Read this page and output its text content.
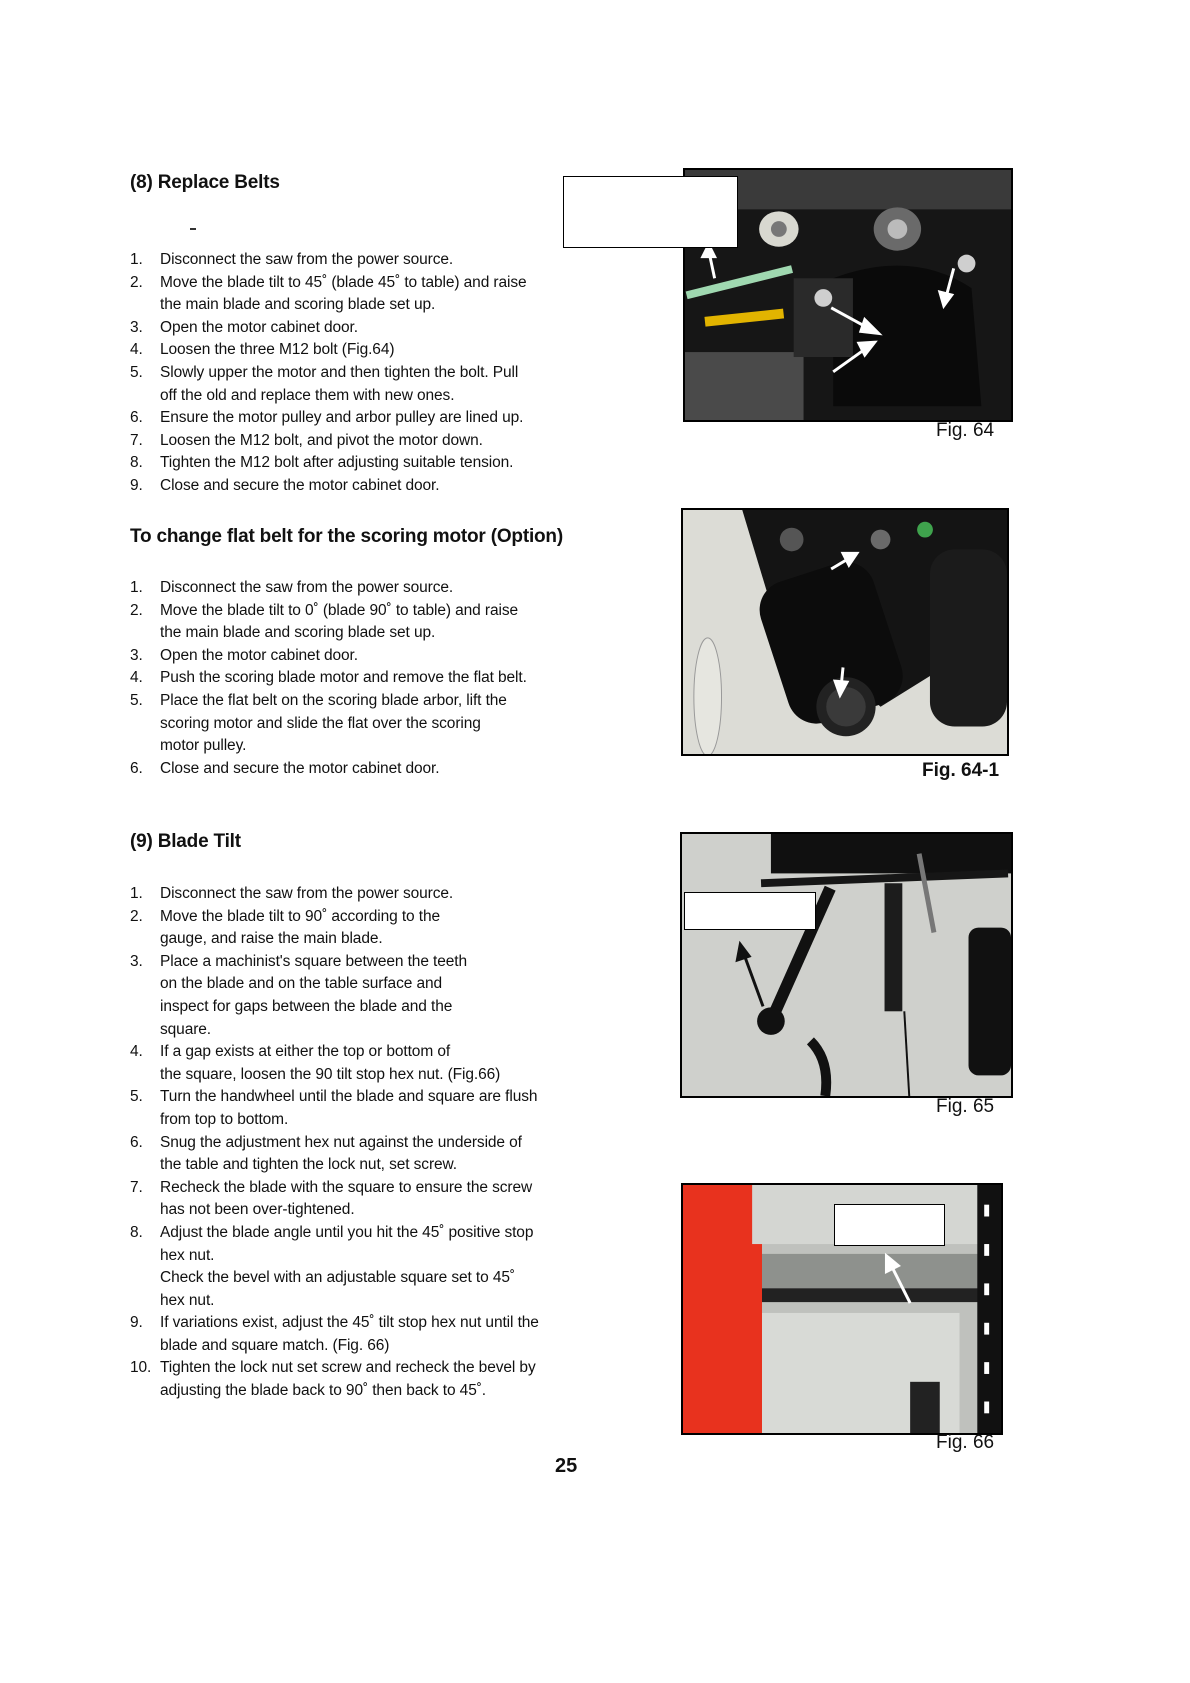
(8) Replace Belts
To change flat belt for the scoring motor (Option)
(9) Blade Tilt
1. Disconnect the saw from the power source.
2. Move the blade tilt to 45˚ (blade 45˚ to table) and raise
the main blade and scoring blade set up.
3. Open the motor cabinet door.
4. Loosen the three M12 bolt (Fig.64)
5. Slowly upper the motor and then tighten the bolt. Pull
off the old and replace them with new ones.
6. Ensure the motor pulley and arbor pulley are lined up.
7. Loosen the M12 bolt, and pivot the motor down.
8. Tighten the M12 bolt after adjusting suitable tension.
9. Close and secure the motor cabinet door.
1. Disconnect the saw from the power source.
2. Move the blade tilt to 0˚ (blade 90˚ to table) and raise
the main blade and scoring blade set up.
3. Open the motor cabinet door.
4. Push the scoring blade motor and remove the flat belt.
5. Place the flat belt on the scoring blade arbor, lift the
scoring motor and slide the flat over the scoring
motor pulley.
6. Close and secure the motor cabinet door.
1. Disconnect the saw from the power source.
2. Move the blade tilt to 90˚ according to the
gauge, and raise the main blade.
3. Place a machinist's square between the teeth
on the blade and on the table surface and
inspect for gaps between the blade and the
square.
4. If a gap exists at either the top or bottom of
the square, loosen the 90 tilt stop hex nut. (Fig.66)
5. Turn the handwheel until the blade and square are flush
from top to bottom.
6. Snug the adjustment hex nut against the underside of
the table and tighten the lock nut, set screw.
7. Recheck the blade with the square to ensure the screw
has not been over-tightened.
8. Adjust the blade angle until you hit the 45˚ positive stop
hex nut.
Check the bevel with an adjustable square set to 45˚
hex nut.
9. If variations exist, adjust the 45˚ tilt stop hex nut until the
blade and square match. (Fig. 66)
10. Tighten the lock nut set screw and recheck the bevel by
adjusting the blade back to 90˚ then back to 45˚.
Fig. 64
Fig. 64-1
Fig. 65
Fig. 66
25
